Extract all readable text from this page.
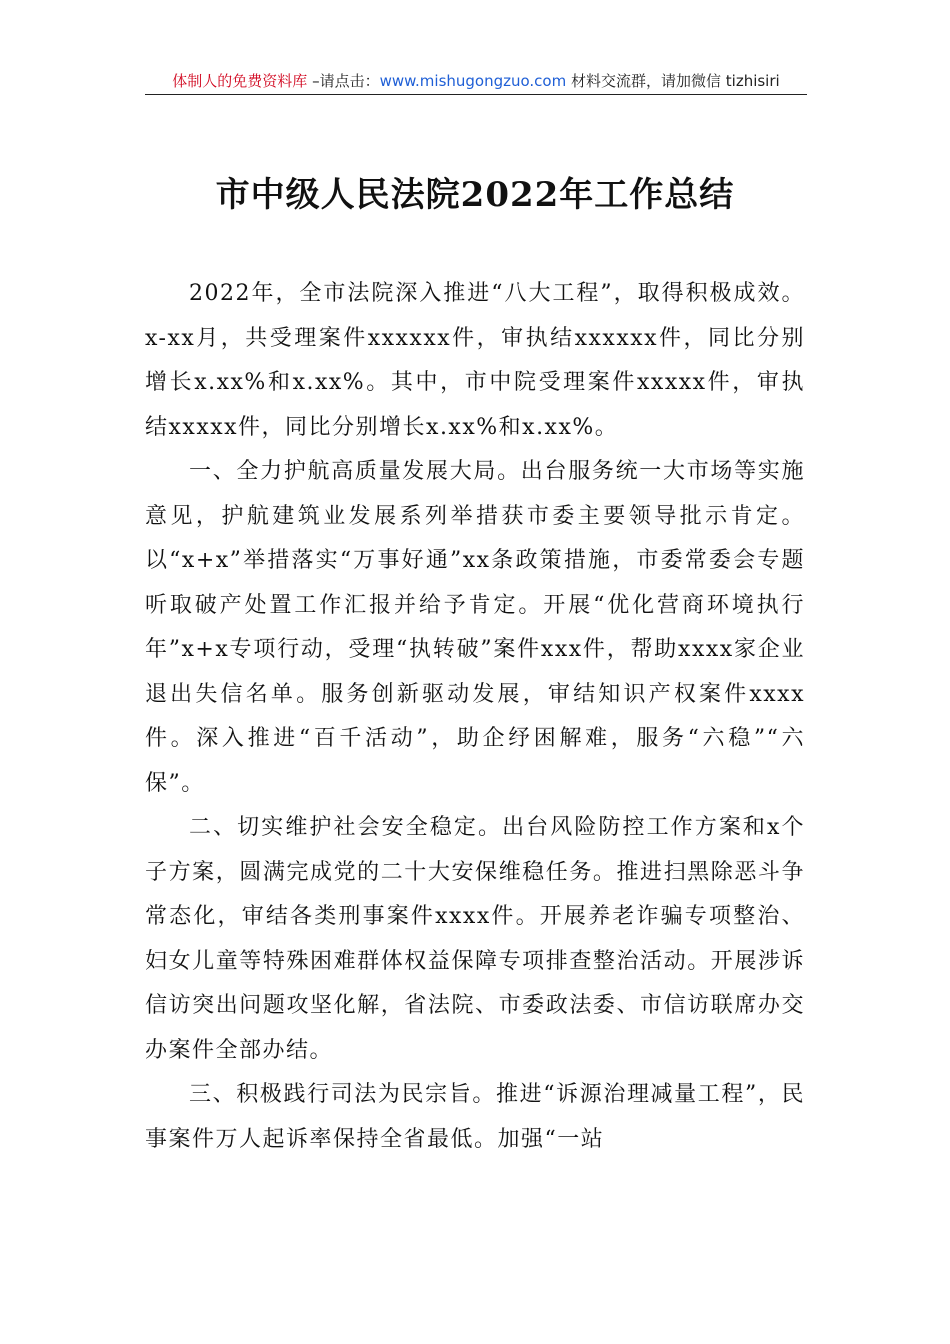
体制人的免费资料库 –请点击：www.mishugongzuo.com 材料交流群，请加微信 tizhisiri
市中级人民法院2022年工作总结

2022年，全市法院深入推进“八大工程”，取得积极成效。x-xx月，共受理案件xxxxxx件，审执结xxxxxx件，同比分别增长x.xx%和x.xx%。其中，市中院受理案件xxxxx件，审执结xxxxx件，同比分别增长x.xx%和x.xx%。

一、全力护航高质量发展大局。出台服务统一大市场等实施意见，护航建筑业发展系列举措获市委主要领导批示肯定。以“x+x”举措落实“万事好通”xx条政策措施，市委常委会专题听取破产处置工作汇报并给予肯定。开展“优化营商环境执行年”x+x专项行动，受理“执转破”案件xxx件，帮助xxxx家企业退出失信名单。服务创新驱动发展，审结知识产权案件xxxx件。深入推进“百千活动”，助企纾困解难，服务“六稳”“六保”。

二、切实维护社会安全稳定。出台风险防控工作方案和x个子方案，圆满完成党的二十大安保维稳任务。推进扫黑除恶斗争常态化，审结各类刑事案件xxxx件。开展养老诈骗专项整治、妇女儿童等特殊困难群体权益保障专项排查整治活动。开展涉诉信访突出问题攻坚化解，省法院、市委政法委、市信访联席办交办案件全部办结。

三、积极践行司法为民宗旨。推进“诉源治理减量工程”，民事案件万人起诉率保持全省最低。加强“一站
